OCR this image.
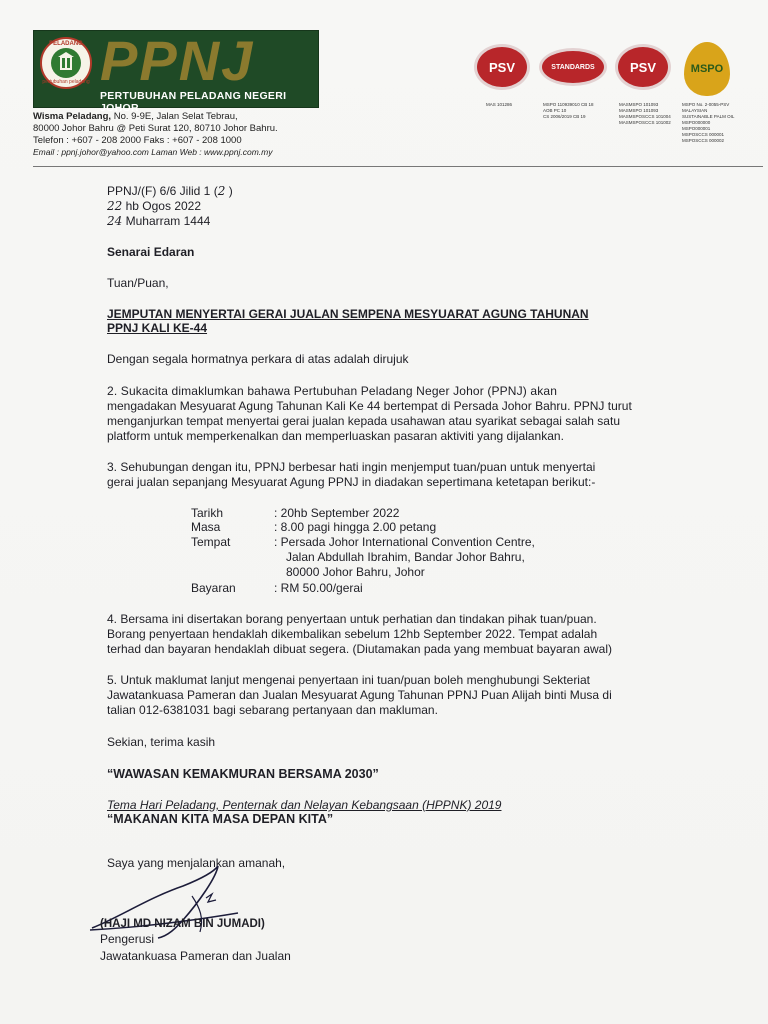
PELADANG
pertubuhan peladang PPNJ
PERTUBUHAN PELADANG NEGERI JOHOR
Wisma Peladang, No. 9-9E, Jalan Selat Tebrau,
80000 Johor Bahru @ Peti Surat 120, 80710 Johor Bahru.
Telefon : +607 - 208 2000 Faks : +607 - 208 1000
Email : ppnj.johor@yahoo.com Laman Web : www.ppnj.com.my
PSV
MAS 101286
STANDARDS
MSPO 110939010 CB 18
AOB PC 10
CS 2006/2019 CB 19
PSV
MASMSPO 101093
MASMSPO 101093
MASMSPOSCCS 101004
MASMSPOSCCS 101002
MSPO
MSPO No. 2-0055-PSV
MALAYSIAN
SUSTAINABLE PALM OIL
MSPO000000
MSPO000001
MSPOSCCS 000001
MSPOSCCS 000002
PPNJ/(F) 6/6 Jilid 1 (2 )
22 hb Ogos 2022
24 Muharram 1444
Senarai Edaran
Tuan/Puan,
JEMPUTAN MENYERTAI GERAI JUALAN SEMPENA MESYUARAT AGUNG TAHUNAN
PPNJ KALI KE-44
Dengan segala hormatnya perkara di atas adalah dirujuk
2. Sukacita dimaklumkan bahawa Pertubuhan Peladang Neger Johor (PPNJ) akan
mengadakan Mesyuarat Agung Tahunan Kali Ke 44 bertempat di Persada Johor Bahru. PPNJ turut
menganjurkan tempat menyertai gerai jualan kepada usahawan atau syarikat sebagai salah satu
platform untuk memperkenalkan dan memperluaskan pasaran aktiviti yang dijalankan.
3. Sehubungan dengan itu, PPNJ berbesar hati ingin menjemput tuan/puan untuk menyertai
gerai jualan sepanjang Mesyuarat Agung PPNJ in diadakan sepertimana ketetapan berikut:-
Tarikh	: 20hb September 2022
Masa	: 8.00 pagi hingga 2.00 petang
Tempat	: Persada Johor International Convention Centre,
Jalan Abdullah Ibrahim, Bandar Johor Bahru,
80000 Johor Bahru, Johor
Bayaran	: RM 50.00/gerai
4. Bersama ini disertakan borang penyertaan untuk perhatian dan tindakan pihak tuan/puan.
Borang penyertaan hendaklah dikembalikan sebelum 12hb September 2022. Tempat adalah
terhad dan bayaran hendaklah dibuat segera. (Diutamakan pada yang membuat bayaran awal)
5. Untuk maklumat lanjut mengenai penyertaan ini tuan/puan boleh menghubungi Sekteriat
Jawatankuasa Pameran dan Jualan Mesyuarat Agung Tahunan PPNJ Puan Alijah binti Musa di
talian 012-6381031 bagi sebarang pertanyaan dan makluman.
Sekian, terima kasih
“WAWASAN KEMAKMURAN BERSAMA 2030”
Tema Hari Peladang, Penternak dan Nelayan Kebangsaan (HPPNK) 2019
“MAKANAN KITA MASA DEPAN KITA”
Saya yang menjalankan amanah,
(HAJI MD NIZAM BIN JUMADI)
Pengerusi
Jawatankuasa Pameran dan Jualan
